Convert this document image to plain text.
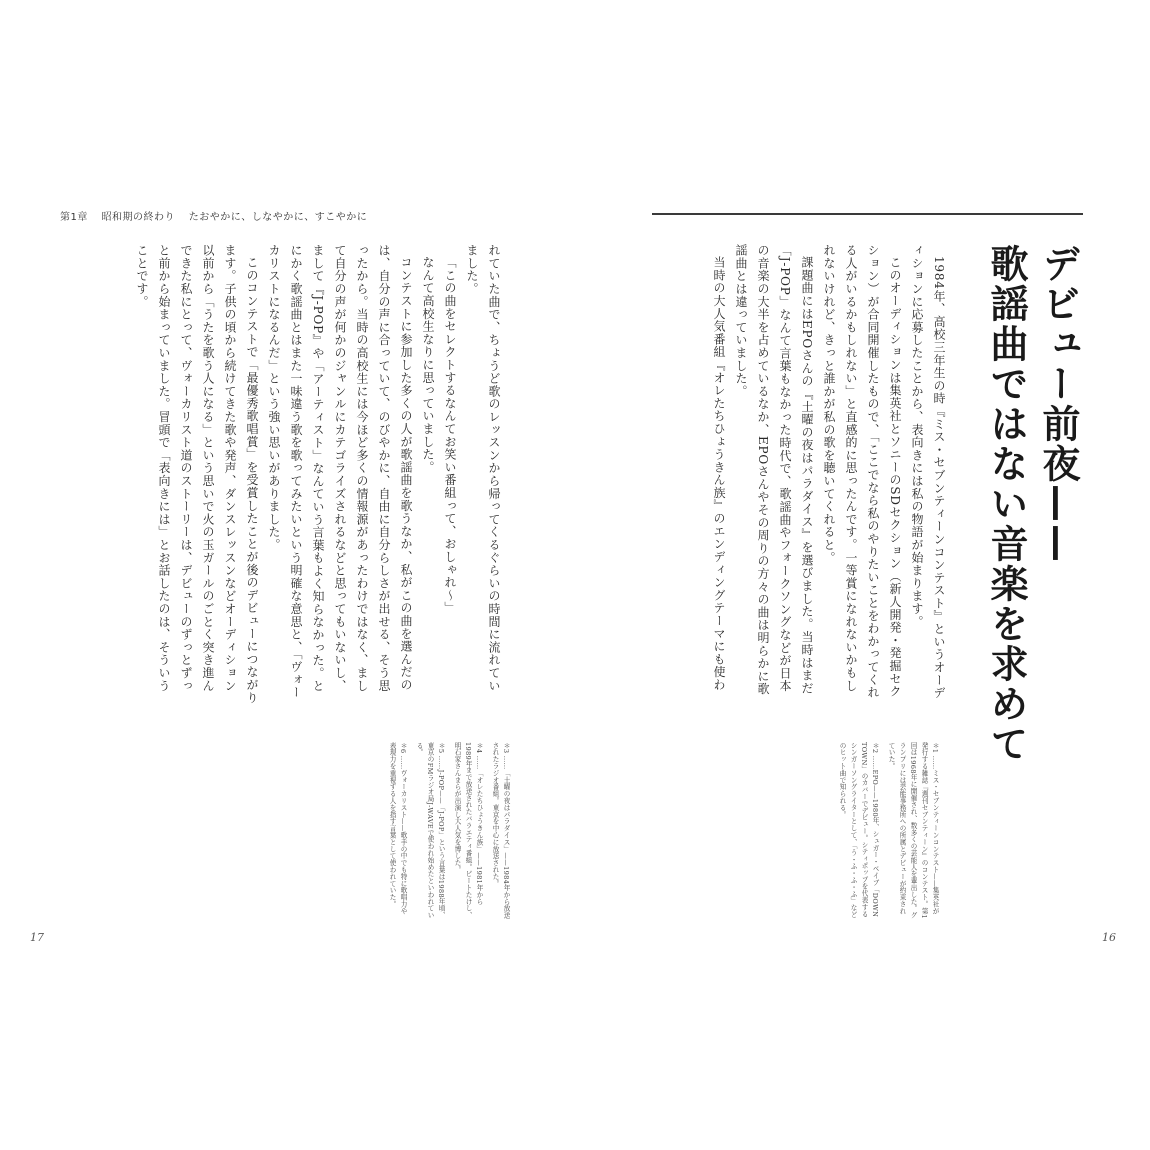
第1章 昭和期の終わり たおやかに、しなやかに、すこやかに

れていた曲で、ちょうど歌のレッスンから帰ってくるぐらいの時間に流れていました。

「この曲をセレクトするなんてお笑い番組って、おしゃれ〜」

なんて高校生なりに思っていました。

コンテストに参加した多くの人が歌謡曲を歌うなか、私がこの曲を選んだのは、自分の声に合っていて、のびやかに、自由に自分らしさが出せる、そう思ったから。当時の高校生には今ほど多くの情報源があったわけではなく、まして自分の声が何かのジャンルにカテゴライズされるなどと思ってもいないし、まして『J-POP』や「アーティスト」なんていう言葉もよく知らなかった。とにかく歌謡曲とはまた一味違う歌を歌ってみたいという明確な意思と、「ヴォーカリストになるんだ」という強い思いがありました。

このコンテストで「最優秀歌唱賞」を受賞したことが後のデビューにつながります。子供の頃から続けてきた歌や発声、ダンスレッスンなどオーディション以前から「うたを歌う人になる」という思いで火の玉ガールのごとく突き進んできた私にとって、ヴォーカリスト道のストーリーは、デビューのずっとずっと前から始まっていました。冒頭で「表向きには」とお話したのは、そういうことです。

＊3 ……「土曜の夜はパラダイス」——1984年から放送されたラジオ番組。東京を中心に放送された。

＊4 ……「オレたちひょうきん族」——1981年から1989年まで放送されたバラエティ番組。ビートたけし、明石家さんまらが出演し大人気を博した。

＊5 ……J-POP——「J-POP」という言葉は1988年頃、東京のFMラジオ局J-WAVEで使われ始めたといわれている。

＊6 ……ヴォーカリスト——歌手の中でも特に歌唱力や表現力を重視する人を指す言葉として使われていた。

17
デビュー前夜——
歌謡曲ではない音楽を求めて

1984年、高校三年生の時『ミス・セブンティーンコンテスト』というオーディションに応募したことから、表向きには私の物語が始まります。

このオーディションは集英社とソニーのSDセクション（新人開発・発掘セクション）が合同開催したもので、「ここでなら私のやりたいことをわかってくれる人がいるかもしれない」と直感的に思ったんです。一等賞になれないかもしれないけれど、きっと誰かが私の歌を聴いてくれると。

課題曲にはEPOさんの『土曜の夜はパラダイス』を選びました。当時はまだ「J-POP」なんて言葉もなかった時代で、歌謡曲やフォークソングなどが日本の音楽の大半を占めているなか、EPOさんやその周りの方々の曲は明らかに歌謡曲とは違っていました。

当時の大人気番組『オレたちひょうきん族』のエンディングテーマにも使わ

＊1 ……ミス・セブンティーンコンテスト——集英社が発行する雑誌『週刊セブンティーン』のコンテスト。第1回は1968年に開催され、数多くの芸能人を輩出した。グランプリには芸能事務所への所属とデビューが約束されていた。

＊2 ……EPO——1980年、シュガー・ベイブ「DOWN TOWN」のカバーでデビュー。シティポップを代表するシンガーソングライターとして、「う・ふ・ふ・ふ」などのヒット曲で知られる。

16
